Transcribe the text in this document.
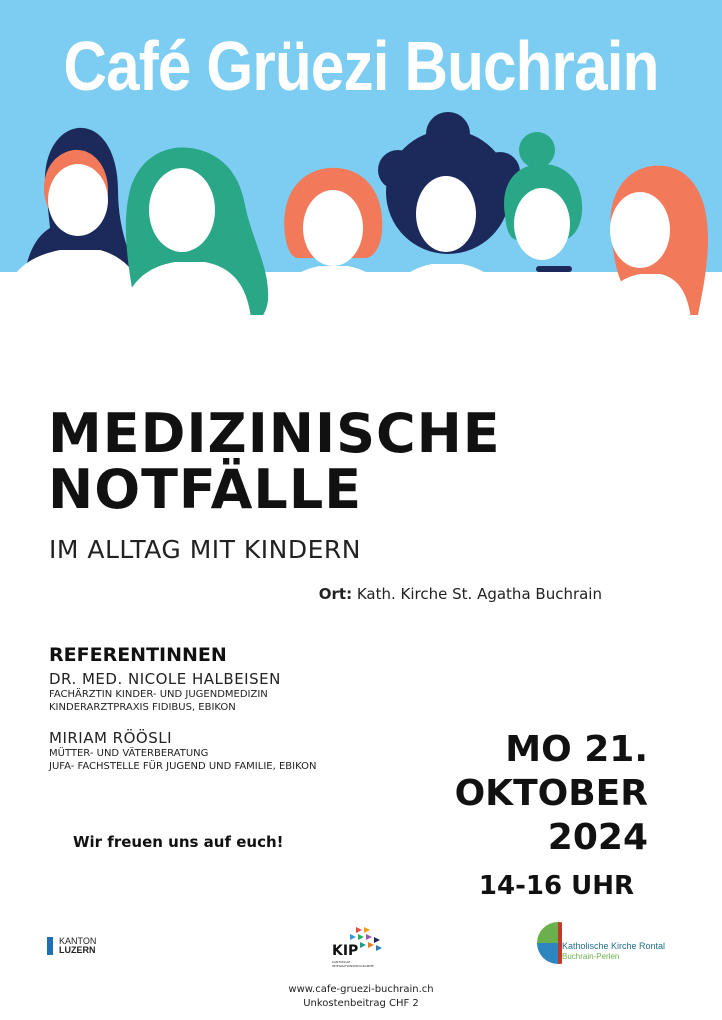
Café Grüezi Buchrain
MEDIZINISCHE
NOTFÄLLE
IM ALLTAG MIT KINDERN
Ort: Kath. Kirche St. Agatha Buchrain
REFERENTINNEN
DR. MED. NICOLE HALBEISEN
FACHÄRZTIN KINDER- UND JUGENDMEDIZIN
KINDERARZTPRAXIS FIDIBUS, EBIKON
MIRIAM RÖÖSLI
MÜTTER- UND VÄTERBERATUNG
JUFA- FACHSTELLE FÜR JUGEND UND FAMILIE, EBIKON	MO 21.
OKTOBER
2024
14-16 UHR
Wir freuen uns auf euch!
KANTON
LUZERN	KIP
KANTONALE
INTEGRATIONSPROGRAMME
Katholische Kirche Rontal
Buchrain-Perlen
www.cafe-gruezi-buchrain.ch
Unkostenbeitrag CHF 2
